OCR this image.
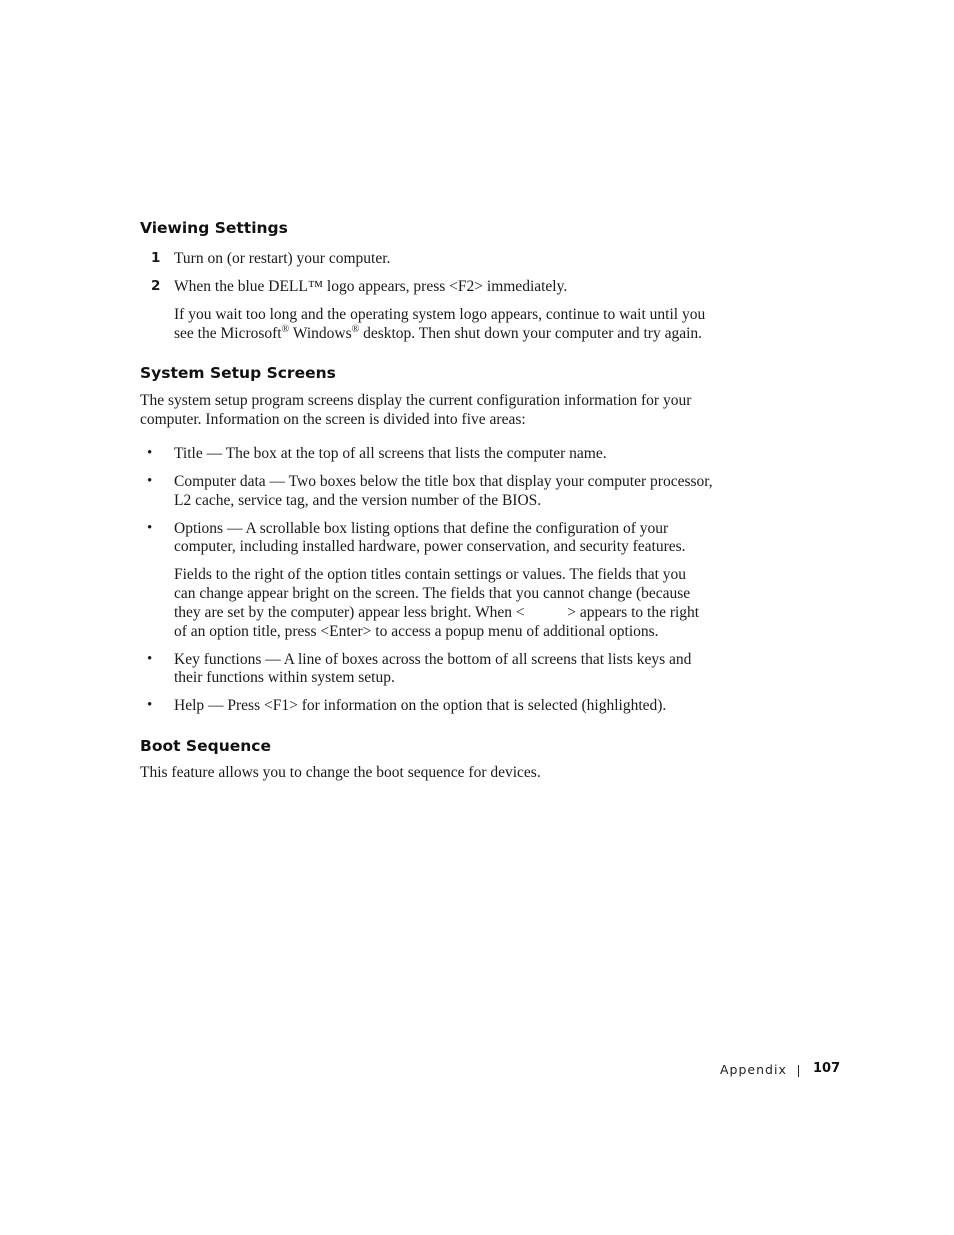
Viewing Settings
1 Turn on (or restart) your computer.

2 When the blue DELL™ logo appears, press <F2> immediately.

If you wait too long and the operating system logo appears, continue to wait until you

see the Microsoft® Windows® desktop. Then shut down your computer and try again.

System Setup Screens

The system setup program screens display the current configuration information for your

computer. Information on the screen is divided into five areas:

• Title — The box at the top of all screens that lists the computer name.

• Computer data — Two boxes below the title box that display your computer processor,

L2 cache, service tag, and the version number of the BIOS.

• Options — A scrollable box listing options that define the configuration of your

computer, including installed hardware, power conservation, and security features.

Fields to the right of the option titles contain settings or values. The fields that you

can change appear bright on the screen. The fields that you cannot change (because

they are set by the computer) appear less bright. When <           > appears to the right

of an option title, press <Enter> to access a popup menu of additional options.

• Key functions — A line of boxes across the bottom of all screens that lists keys and

their functions within system setup.

• Help — Press <F1> for information on the option that is selected (highlighted).

Boot Sequence

This feature allows you to change the boot sequence for devices.

Appendix 107
